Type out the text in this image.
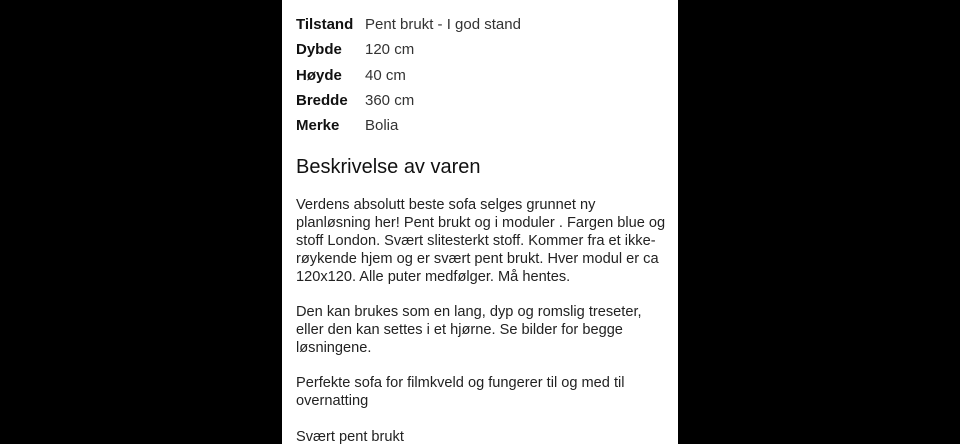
Tilstand Pent brukt - I god stand
Dybde	120 cm
Høyde	40 cm
Bredde	360 cm
Merke	Bolia
Beskrivelse av varen

Verdens absolutt beste sofa selges grunnet ny planløsning her! Pent brukt og i moduler . Fargen blue og stoff London. Svært slitesterkt stoff. Kommer fra et ikke-røykende hjem og er svært pent brukt. Hver modul er ca 120x120. Alle puter medfølger. Må hentes.

Den kan brukes som en lang, dyp og romslig treseter, eller den kan settes i et hjørne. Se bilder for begge løsningene.

Perfekte sofa for filmkveld og fungerer til og med til overnatting

Svært pent brukt
